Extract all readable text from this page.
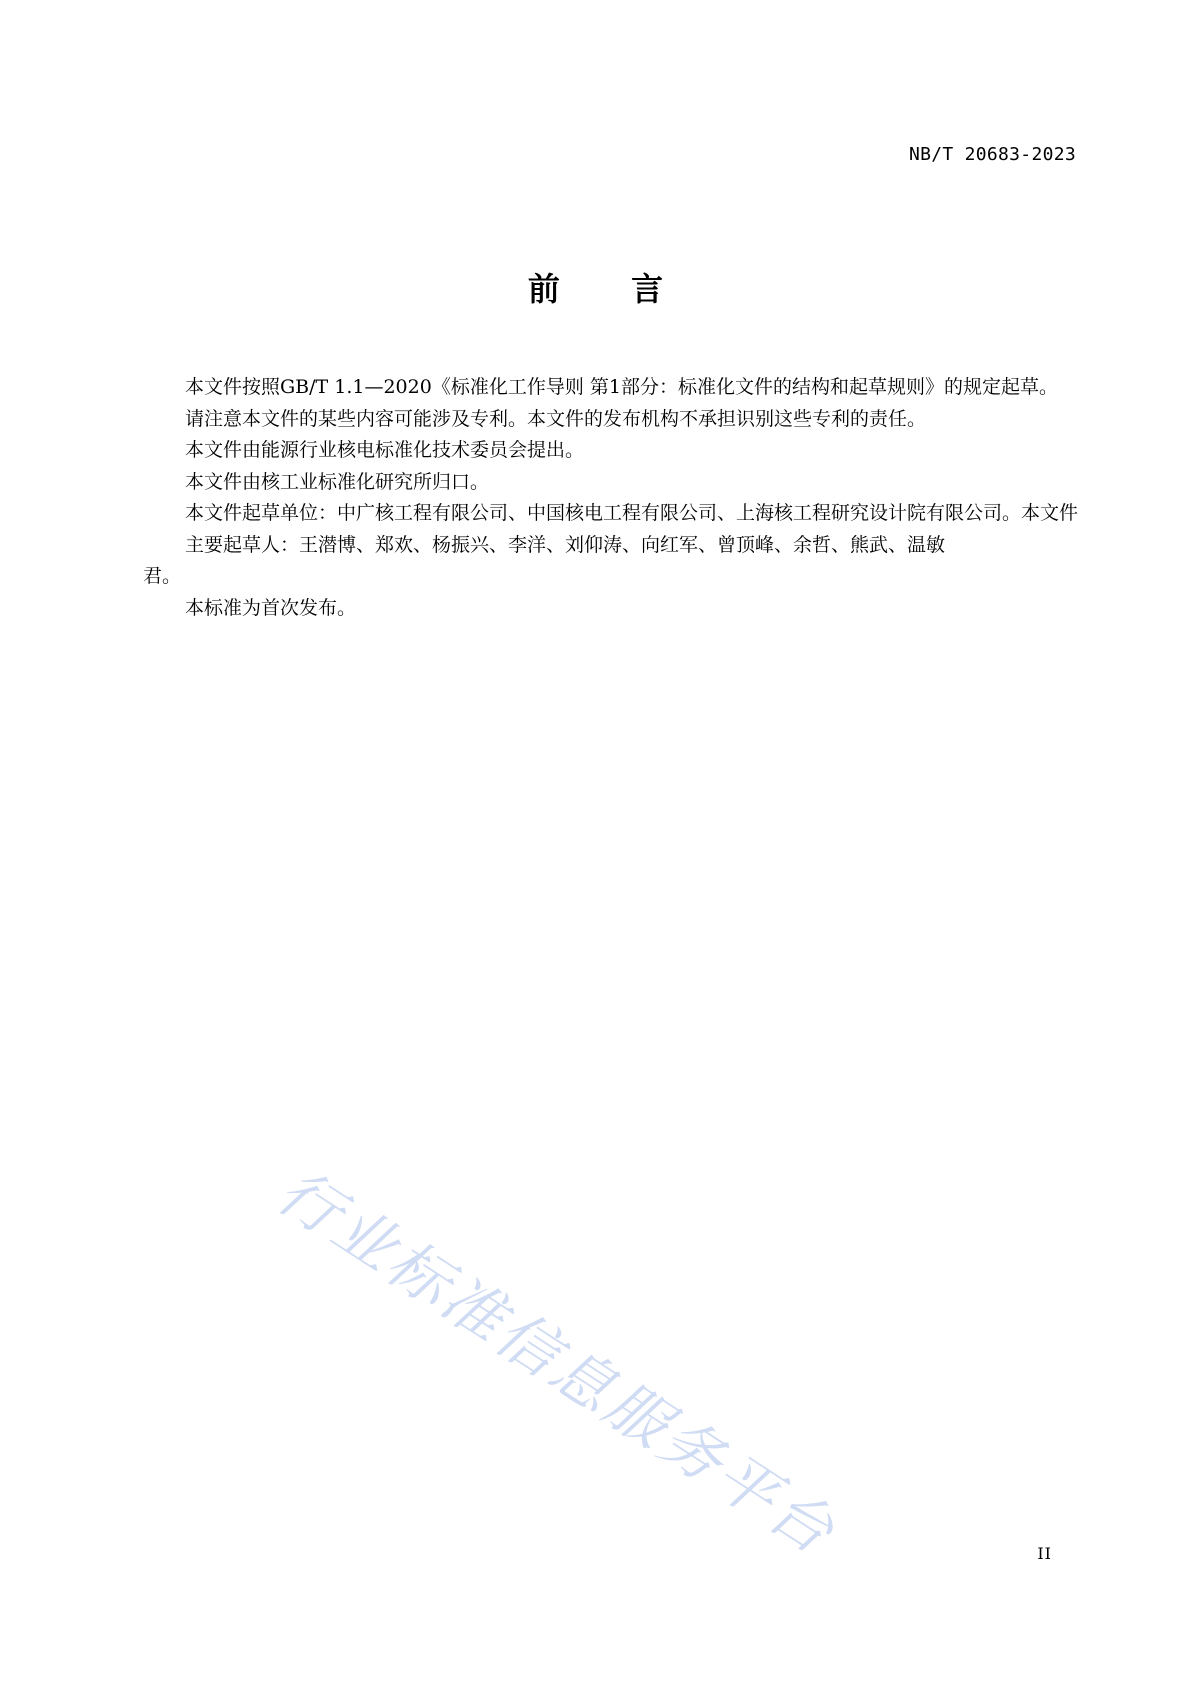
NB/T 20683-2023
前 言

本文件按照GB/T 1.1—2020《标准化工作导则 第1部分：标准化文件的结构和起草规则》的规定起草。

请注意本文件的某些内容可能涉及专利。本文件的发布机构不承担识别这些专利的责任。

本文件由能源行业核电标准化技术委员会提出。

本文件由核工业标准化研究所归口。

本文件起草单位：中广核工程有限公司、中国核电工程有限公司、上海核工程研究设计院有限公司。本文件

主要起草人：王潜博、郑欢、杨振兴、李洋、刘仰涛、向红军、曾顶峰、余哲、熊武、温敏

君。

本标准为首次发布。

行业标准信息服务平台	II
